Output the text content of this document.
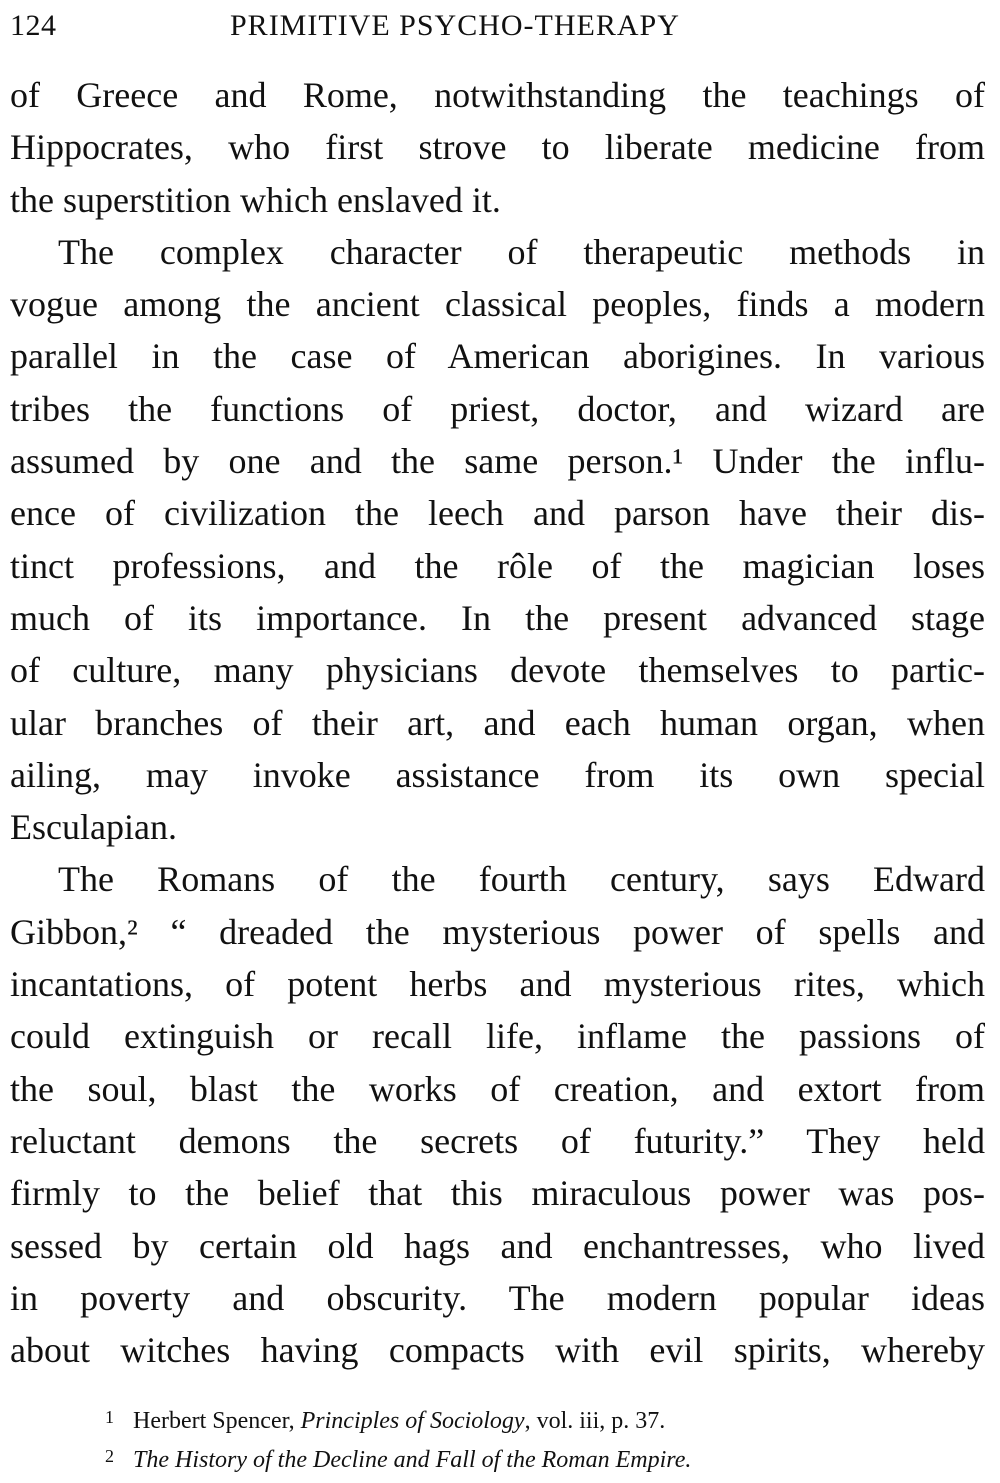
124	PRIMITIVE PSYCHO-THERAPY
of Greece and Rome, notwithstanding the teachings of
Hippocrates, who first strove to liberate medicine from
the superstition which enslaved it.
The complex character of therapeutic methods in
vogue among the ancient classical peoples, finds a modern
parallel in the case of American aborigines. In various
tribes the functions of priest, doctor, and wizard are
assumed by one and the same person.¹ Under the influ-
ence of civilization the leech and parson have their dis-
tinct professions, and the rôle of the magician loses
much of its importance. In the present advanced stage
of culture, many physicians devote themselves to partic-
ular branches of their art, and each human organ, when
ailing, may invoke assistance from its own special
Esculapian.
The Romans of the fourth century, says Edward
Gibbon,² “ dreaded the mysterious power of spells and
incantations, of potent herbs and mysterious rites, which
could extinguish or recall life, inflame the passions of
the soul, blast the works of creation, and extort from
reluctant demons the secrets of futurity.” They held
firmly to the belief that this miraculous power was pos-
sessed by certain old hags and enchantresses, who lived
in poverty and obscurity. The modern popular ideas
about witches having compacts with evil spirits, whereby
1 Herbert Spencer, Principles of Sociology, vol. iii, p. 37.
2 The History of the Decline and Fall of the Roman Empire.
